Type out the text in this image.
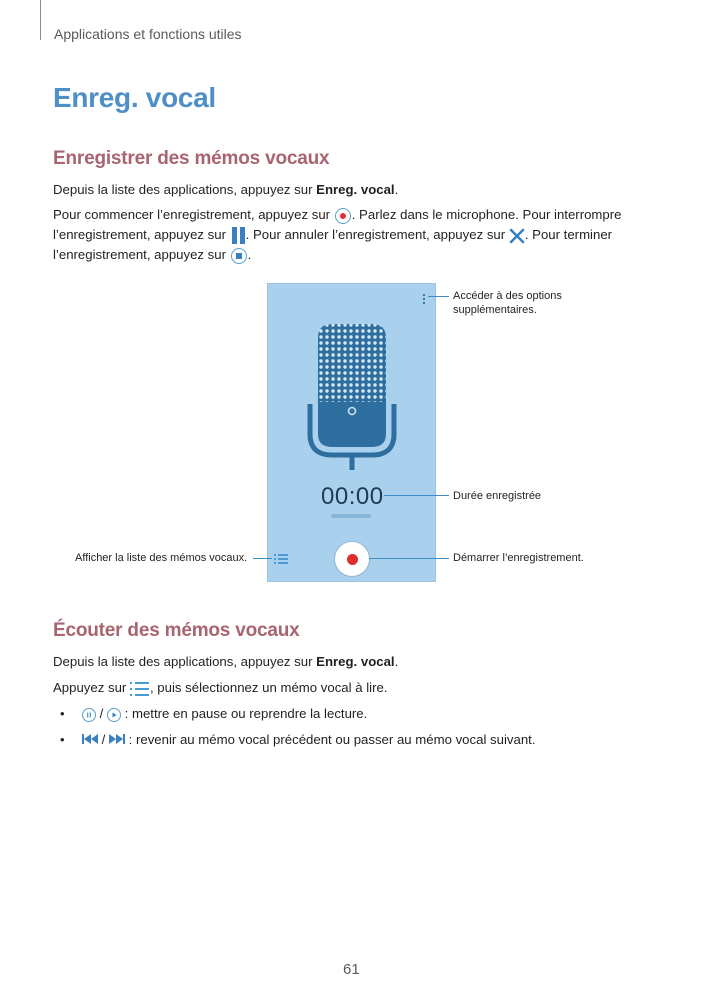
Applications et fonctions utiles
Enreg. vocal
Enregistrer des mémos vocaux
Depuis la liste des applications, appuyez sur Enreg. vocal.
Pour commencer l’enregistrement, appuyez sur
. Parlez dans le microphone. Pour interrompre
l’enregistrement, appuyez sur
. Pour annuler l’enregistrement, appuyez sur . Pour terminer
l’enregistrement, appuyez sur
.
00:00
Accéder à des options
supplémentaires.
Durée enregistrée
Afficher la liste des mémos vocaux.	Démarrer l’enregistrement.
Écouter des mémos vocaux
Depuis la liste des applications, appuyez sur Enreg. vocal.
Appuyez sur
, puis sélectionnez un mémo vocal à lire.
•
/
: mettre en pause ou reprendre la lecture.
•	/  : revenir au mémo vocal précédent ou passer au mémo vocal suivant.
61
